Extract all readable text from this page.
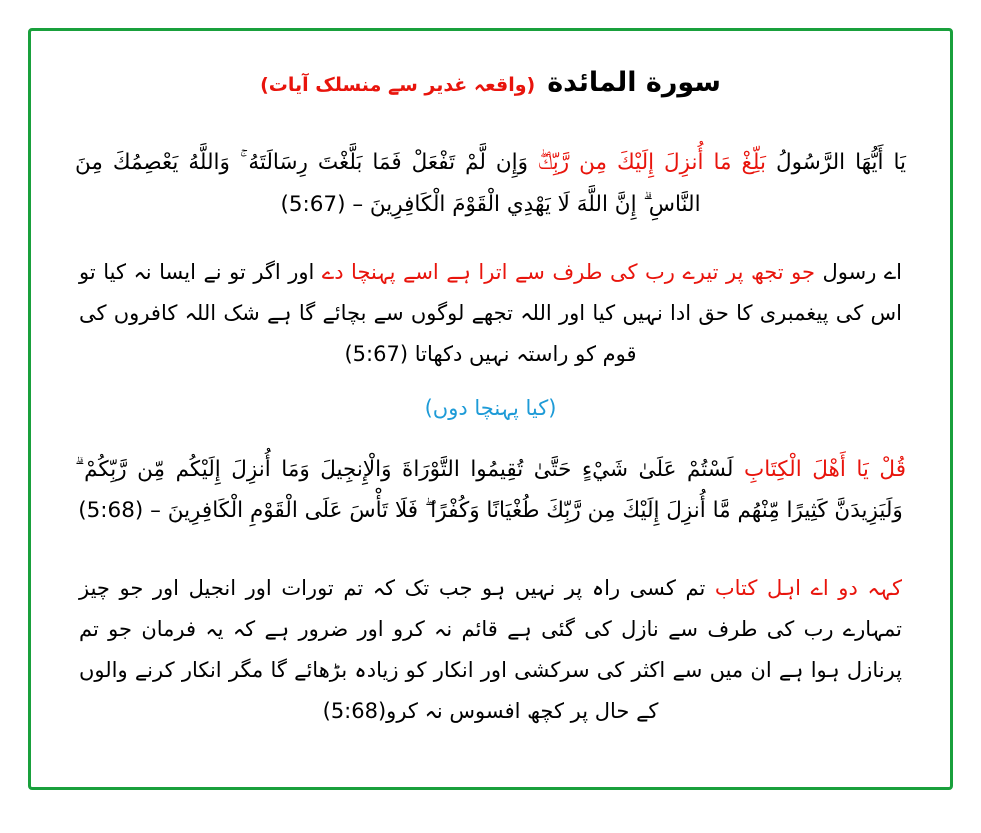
سورة المائدة(واقعہ غدیر سے منسلک آیات)
يَا أَيُّهَا الرَّسُولُ بَلِّغْ مَا أُنزِلَ إِلَيْكَ مِن رَّبِّكَۖ وَإِن لَّمْ تَفْعَلْ فَمَا بَلَّغْتَ رِسَالَتَهُ ۚ وَاللَّهُ يَعْصِمُكَ مِنَ النَّاسِ ۗ إِنَّ اللَّهَ لَا يَهْدِي الْقَوْمَ الْكَافِرِينَ – (5:67)
اے رسول جو تجھ پر تیرے رب کی طرف سے اترا ہے اسے پہنچا دے اور اگر تو نے ایسا نہ کیا تو اس کی پیغمبری کا حق ادا نہیں کیا اور اللہ تجھے لوگوں سے بچائے گا ہے شک اللہ کافروں کی قوم کو راستہ نہیں دکھاتا (5:67)
(کیا پہنچا دوں)
قُلْ يَا أَهْلَ الْكِتَابِ لَسْتُمْ عَلَىٰ شَيْءٍ حَتَّىٰ تُقِيمُوا التَّوْرَاةَ وَالْإِنجِيلَ وَمَا أُنزِلَ إِلَيْكُم مِّن رَّبِّكُمْ ۗ وَلَيَزِيدَنَّ كَثِيرًا مِّنْهُم مَّا أُنزِلَ إِلَيْكَ مِن رَّبِّكَ طُغْيَانًا وَكُفْرًا ۖ فَلَا تَأْسَ عَلَى الْقَوْمِ الْكَافِرِينَ – (5:68)
کہہ دو اے اہل کتاب تم کسی راہ پر نہیں ہو جب تک کہ تم تورات اور انجیل اور جو چیز تمہارے رب کی طرف سے نازل کی گئی ہے قائم نہ کرو اور ضرور ہے کہ یہ فرمان جو تم پرنازل ہوا ہے ان میں سے اکثر کی سرکشی اور انکار کو زیادہ بڑھائے گا مگر انکار کرنے والوں کے حال پر کچھ افسوس نہ کرو(5:68)
